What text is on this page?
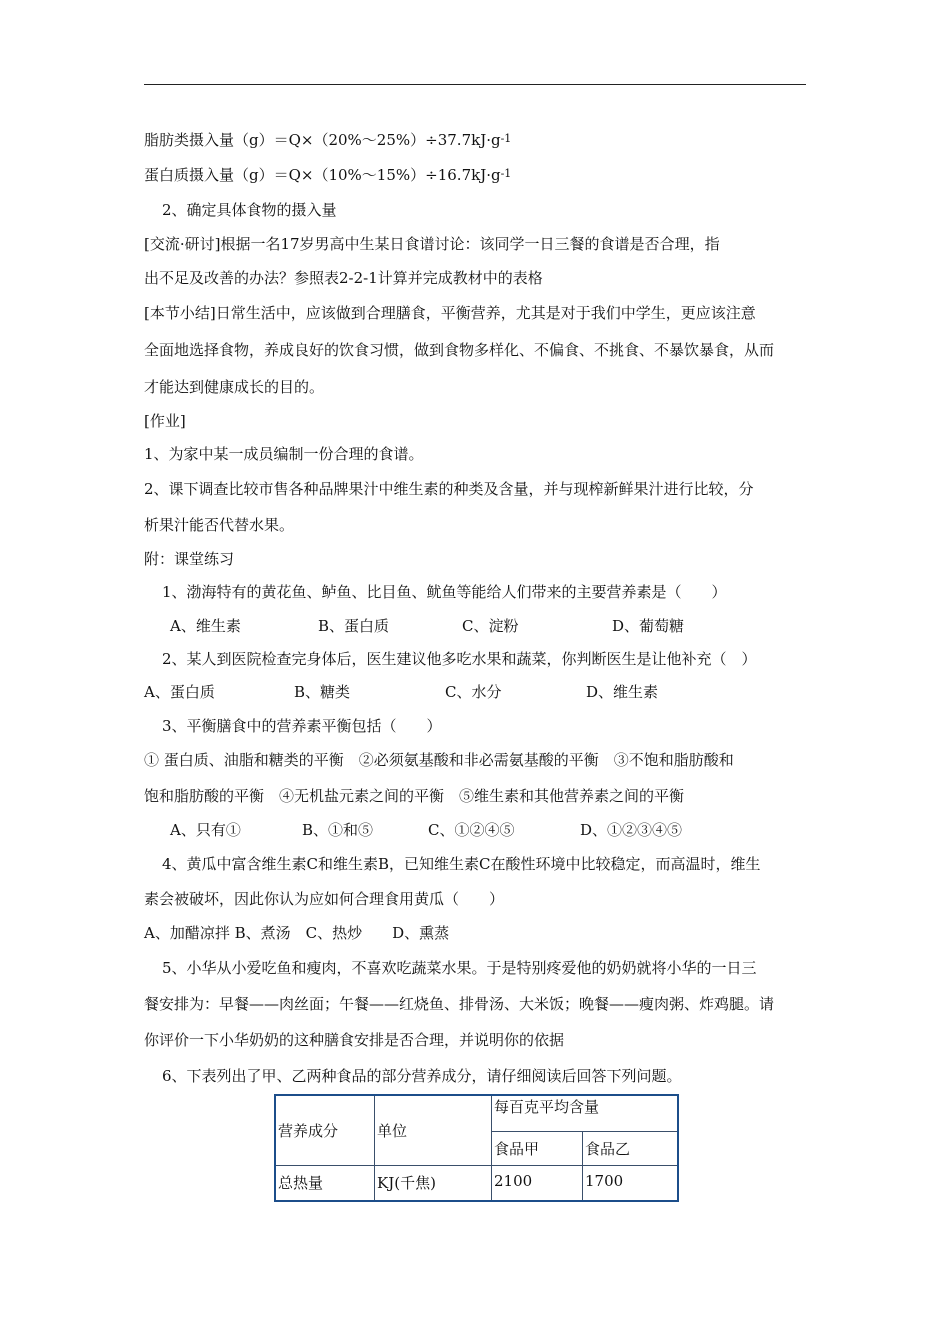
脂肪类摄入量$(g)=Q\times(20\%\sim 25\%)\div 37.7kJ\cdot g^{-1}$
蛋白质摄入量$(g)=Q\times(10\%\sim 15\%)\div 16.7kJ\cdot g^{-1}$
2、确定具体食物的摄入量
[交流·研讨]根据一名17岁男高中生某日食谱讨论：该同学一日三餐的食谱是否合理，指
出不足及改善的办法？参照表2-2-1计算并完成教材中的表格
[本节小结]日常生活中，应该做到合理膳食，平衡营养，尤其是对于我们中学生，更应该注意
全面地选择食物，养成良好的饮食习惯，做到食物多样化、不偏食、不挑食、不暴饮暴食，从而
才能达到健康成长的目的。
[作业]
1、为家中某一成员编制一份合理的食谱。
2、课下调查比较市售各种品牌果汁中维生素的种类及含量，并与现榨新鲜果汁进行比较，分
析果汁能否代替水果。
附：课堂练习
1、渤海特有的黄花鱼、鲈鱼、比目鱼、鱿鱼等能给人们带来的主要营养素是（　　）
A、维生素	B、蛋白质	C、淀粉	D、葡萄糖
2、某人到医院检查完身体后，医生建议他多吃水果和蔬菜，你判断医生是让他补充（　）
A、蛋白质	B、糖类	C、水分	D、维生素
3、平衡膳食中的营养素平衡包括（　　）
① 蛋白质、油脂和糖类的平衡　②必须氨基酸和非必需氨基酸的平衡　③不饱和脂肪酸和
饱和脂肪酸的平衡　④无机盐元素之间的平衡　⑤维生素和其他营养素之间的平衡
A、只有①	B、①和⑤	C、①②④⑤	D、①②③④⑤
4、黄瓜中富含维生素C和维生素B，已知维生素C在酸性环境中比较稳定，而高温时，维生
素会被破坏，因此你认为应如何合理食用黄瓜（　　）
A、加醋凉拌 B、煮汤　C、热炒　　D、熏蒸
5、小华从小爱吃鱼和瘦肉，不喜欢吃蔬菜水果。于是特别疼爱他的奶奶就将小华的一日三
餐安排为：早餐——肉丝面；午餐——红烧鱼、排骨汤、大米饭；晚餐——瘦肉粥、炸鸡腿。请
你评价一下小华奶奶的这种膳食安排是否合理，并说明你的依据
6、下表列出了甲、乙两种食品的部分营养成分，请仔细阅读后回答下列问题。
营养成分	单位	每百克平均含量	
		食品甲	食品乙
总热量	KJ(千焦)	2100	1700
